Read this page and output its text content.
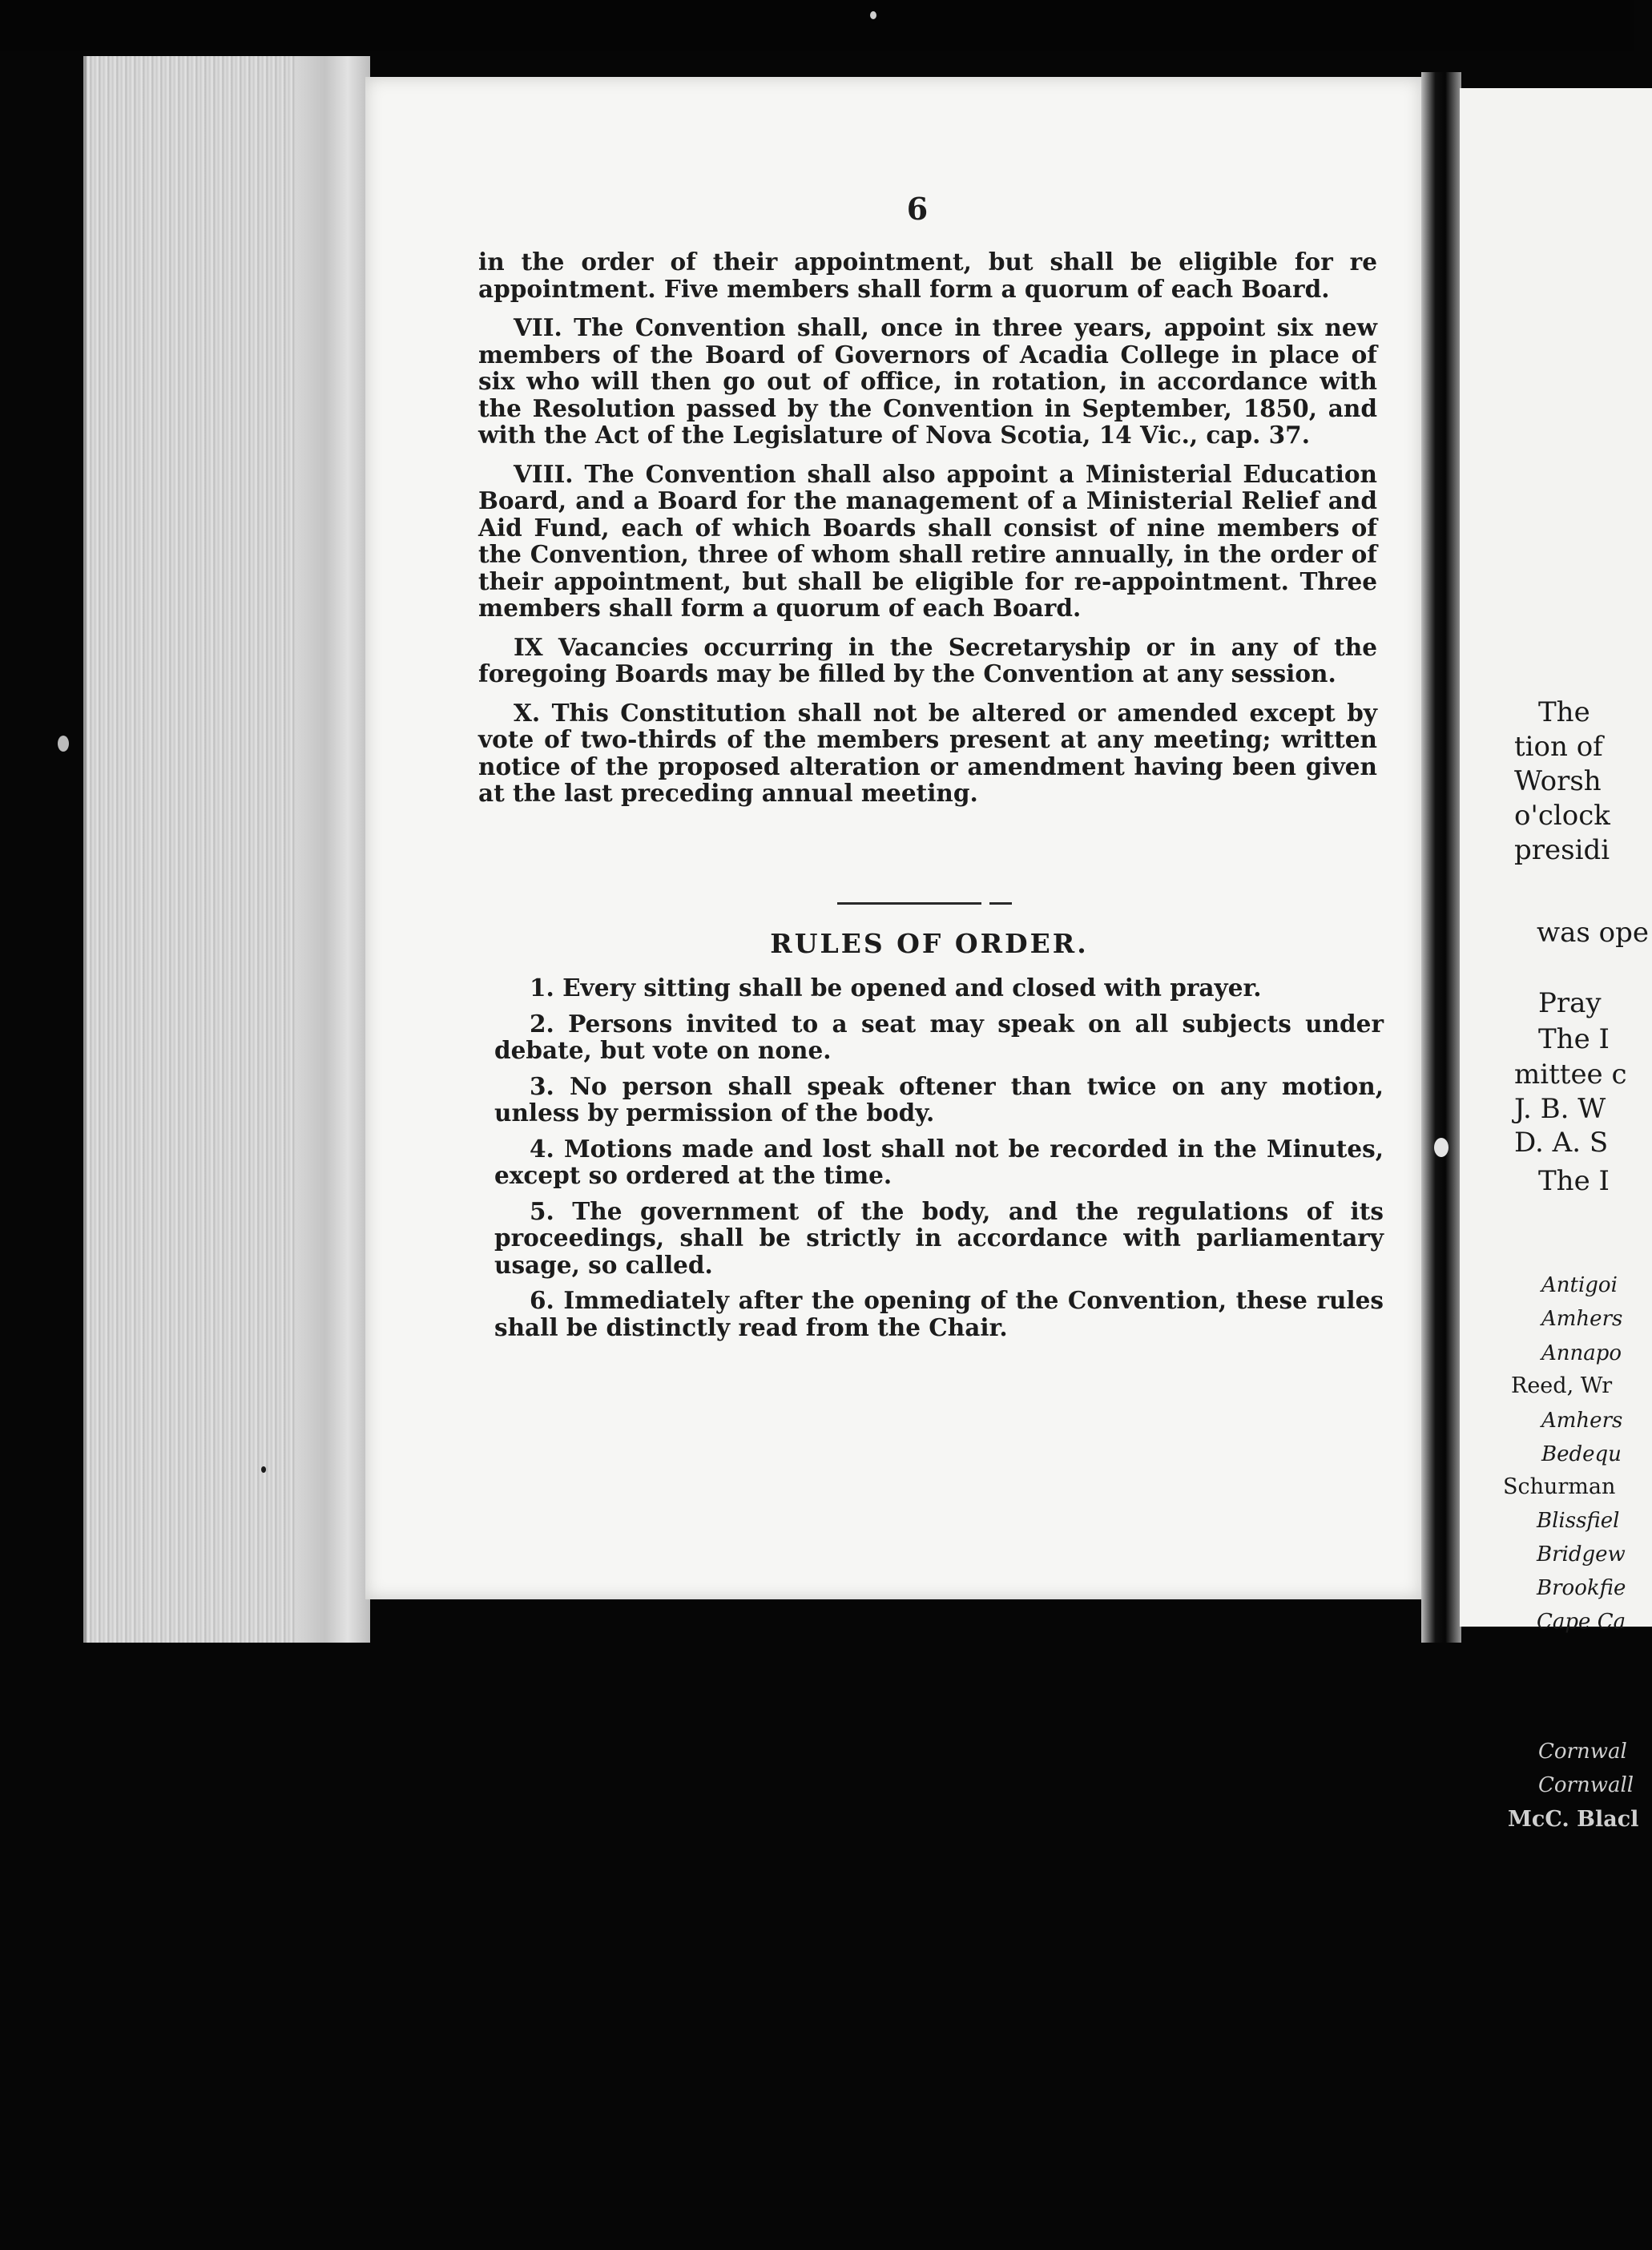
6

in the order of their appointment, but shall be eligible for re appointment. Five members shall form a quorum of each Board.

VII. The Convention shall, once in three years, appoint six new members of the Board of Governors of Acadia College in place of six who will then go out of office, in rotation, in accordance with the Resolution passed by the Convention in September, 1850, and with the Act of the Legislature of Nova Scotia, 14 Vic., cap. 37.

VIII. The Convention shall also appoint a Ministerial Education Board, and a Board for the management of a Ministerial Relief and Aid Fund, each of which Boards shall consist of nine members of the Convention, three of whom shall retire annually, in the order of their appointment, but shall be eligible for re-appointment. Three members shall form a quorum of each Board.

IX Vacancies occurring in the Secretaryship or in any of the foregoing Boards may be filled by the Convention at any session.

X. This Constitution shall not be altered or amended except by vote of two-thirds of the members present at any meeting; written notice of the proposed alteration or amendment having been given at the last preceding annual meeting.

RULES OF ORDER.

1. Every sitting shall be opened and closed with prayer.

2. Persons invited to a seat may speak on all subjects under debate, but vote on none.

3. No person shall speak oftener than twice on any motion, unless by permission of the body.

4. Motions made and lost shall not be recorded in the Minutes, except so ordered at the time.

5. The government of the body, and the regulations of its proceedings, shall be strictly in accordance with parliamentary usage, so called.

6. Immediately after the opening of the Convention, these rules shall be distinctly read from the Chair.

The
tion of
Worsh
o'clock
presidi
was ope
Pray
The I
mittee c
J. B. W
D. A. S
The I
Antigoi
Amhers
Annapo
Reed, Wr
Amhers
Bedequ
Schurman
Blissfiel
Bridgew
Brookfie
Cape Ca
Cornwal
Cornwall
McC. Blacl
